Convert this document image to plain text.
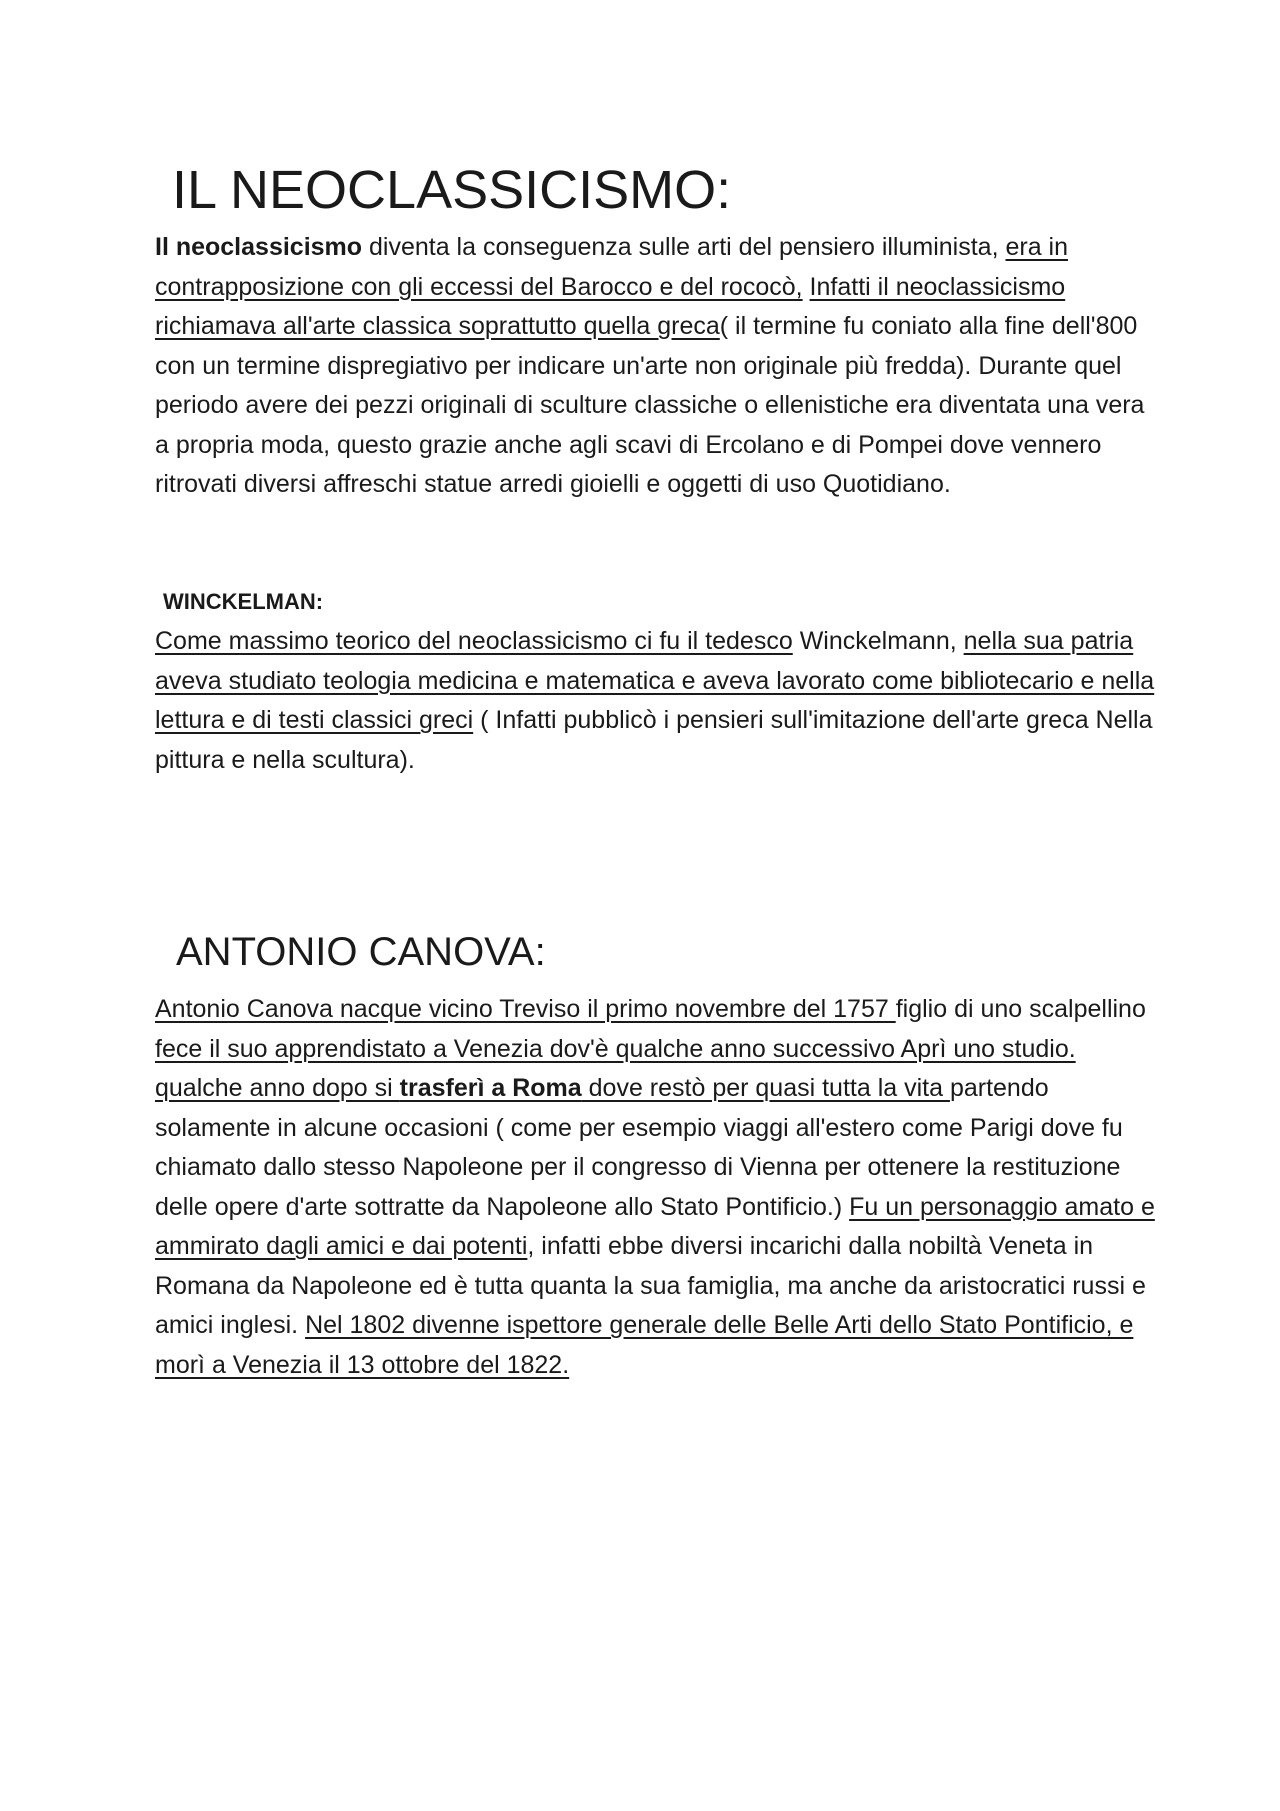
IL NEOCLASSICISMO:

Il neoclassicismo diventa la conseguenza sulle arti del pensiero illuminista, era in contrapposizione con gli eccessi del Barocco e del rococò, Infatti il neoclassicismo richiamava all'arte classica soprattutto quella greca( il termine fu coniato alla fine dell'800 con un termine dispregiativo per indicare un'arte non originale più fredda). Durante quel periodo avere dei pezzi originali di sculture classiche o ellenistiche era diventata una vera a propria moda, questo grazie anche agli scavi di Ercolano e di Pompei dove vennero ritrovati diversi affreschi statue arredi gioielli e oggetti di uso Quotidiano.

WINCKELMAN:

Come massimo teorico del neoclassicismo ci fu il tedesco Winckelmann, nella sua patria aveva studiato teologia medicina e matematica e aveva lavorato come bibliotecario e nella lettura e di testi classici greci ( Infatti pubblicò i pensieri sull'imitazione dell'arte greca Nella pittura e nella scultura).

ANTONIO CANOVA:

Antonio Canova nacque vicino Treviso il primo novembre del 1757 figlio di uno scalpellino fece il suo apprendistato a Venezia dov'è qualche anno successivo Aprì uno studio. qualche anno dopo si trasferì a Roma dove restò per quasi tutta la vita partendo solamente in alcune occasioni ( come per esempio viaggi all'estero come Parigi dove fu chiamato dallo stesso Napoleone per il congresso di Vienna per ottenere la restituzione delle opere d'arte sottratte da Napoleone allo Stato Pontificio.) Fu un personaggio amato e ammirato dagli amici e dai potenti, infatti ebbe diversi incarichi dalla nobiltà Veneta in Romana da Napoleone ed è tutta quanta la sua famiglia, ma anche da aristocratici russi e amici inglesi. Nel 1802 divenne ispettore generale delle Belle Arti dello Stato Pontificio, e morì a Venezia il 13 ottobre del 1822.
